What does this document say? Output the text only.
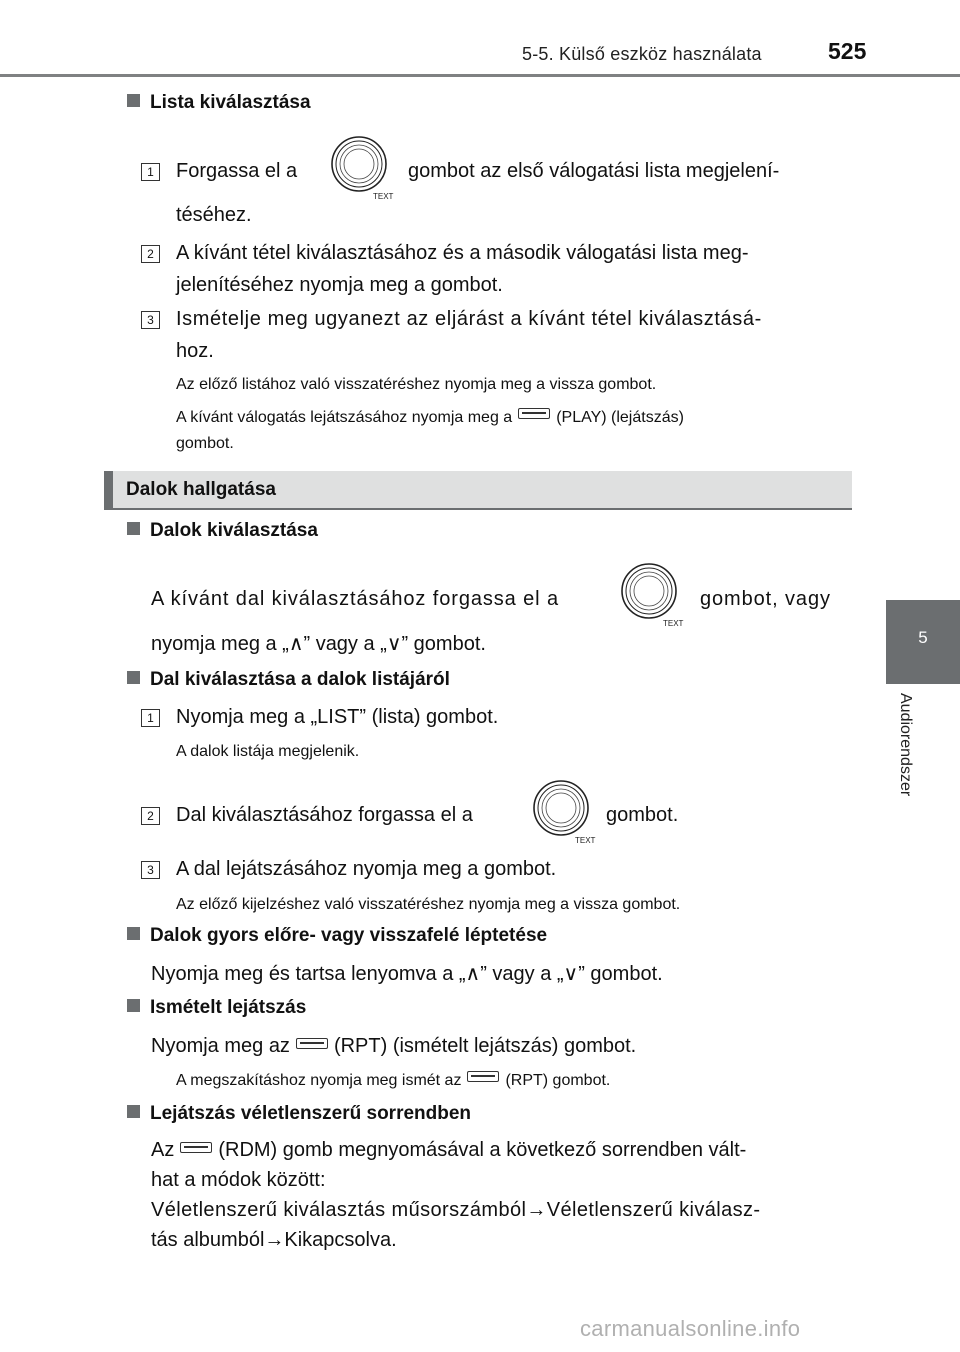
5-5. Külső eszköz használata	525
5
Audiorendszer
Lista kiválasztása
1	Forgassa el a
TEXT
gombot az első válogatási lista megjelení-
téséhez.
2	A kívánt tétel kiválasztásához és a második válogatási lista meg-
jelenítéséhez nyomja meg a gombot.
3	Ismételje meg ugyanezt az eljárást a kívánt tétel kiválasztásá-
hoz.
Az előző listához való visszatéréshez nyomja meg a vissza gombot.
A kívánt válogatás lejátszásához nyomja meg a	(PLAY) (lejátszás)
gombot.
Dalok hallgatása
Dalok kiválasztása
A kívánt dal kiválasztásához forgassa el a
TEXT
gombot, vagy
nyomja meg a „∧” vagy a „∨” gombot.
Dal kiválasztása a dalok listájáról
1	Nyomja meg a „LIST” (lista) gombot.
A dalok listája megjelenik.
2	Dal kiválasztásához forgassa el a
TEXT
gombot.
3	A dal lejátszásához nyomja meg a gombot.
Az előző kijelzéshez való visszatéréshez nyomja meg a vissza gombot.
Dalok gyors előre- vagy visszafelé léptetése
Nyomja meg és tartsa lenyomva a „∧” vagy a „∨” gombot.
Ismételt lejátszás
Nyomja meg az (RPT) (ismételt lejátszás) gombot.
A megszakításhoz nyomja meg ismét az	(RPT) gombot.
Lejátszás véletlenszerű sorrendben
Az (RDM) gomb megnyomásával a következő sorrendben vált-
hat a módok között:
Véletlenszerű kiválasztás műsorszámból→Véletlenszerű kiválasz-
tás albumból→Kikapcsolva.
carmanualsonline.info
